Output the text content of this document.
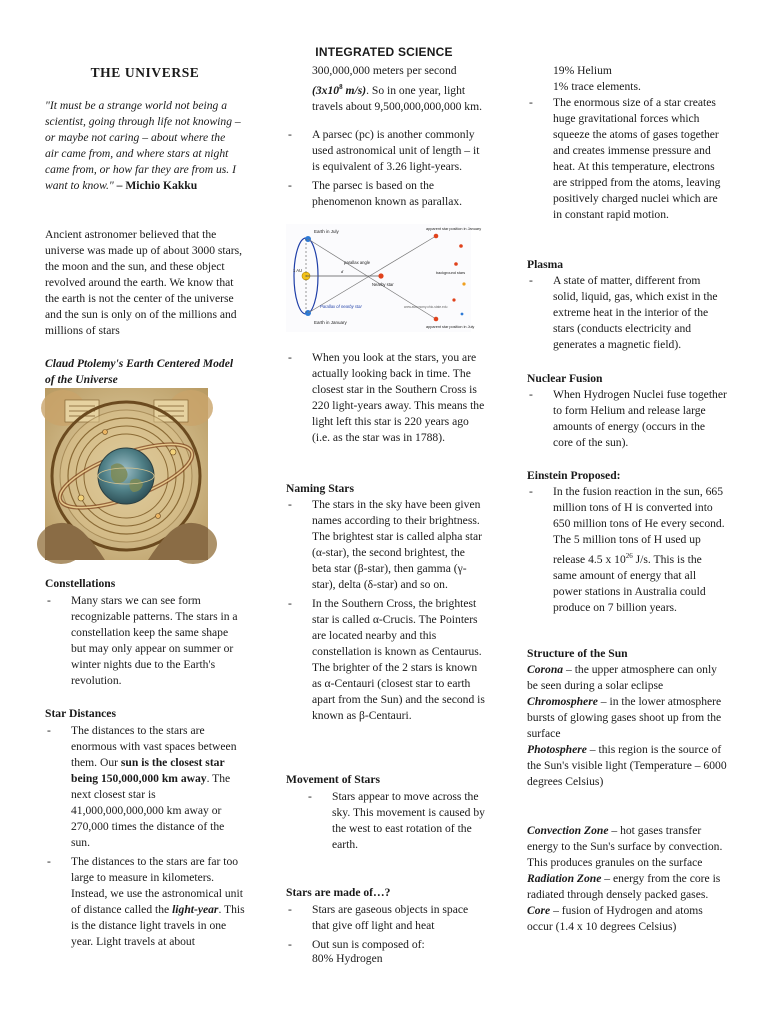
INTEGRATED SCIENCE
THE UNIVERSE
"It must be a strange world not being a scientist, going through life not knowing – or maybe not caring – about where the air came from, and where stars at night came from, or how far they are from us. I want to know." – Michio Kakku
Ancient astronomer believed that the universe was made up of about 3000 stars, the moon and the sun, and these object revolved around the earth. We know that the earth is not the center of the universe and the sun is only on of the millions and millions of stars
Claud Ptolemy's Earth Centered Model of the Universe
Constellations
- Many stars we can see form recognizable patterns. The stars in a constellation keep the same shape but may only appear on summer or winter nights due to the Earth's revolution.
Star Distances
- The distances to the stars are enormous with vast spaces between them. Our sun is the closest star being 150,000,000 km away. The next closest star is 41,000,000,000,000 km away or 270,000 times the distance of the sun.
- The distances to the stars are far too large to measure in kilometers. Instead, we use the astronomical unit of distance called the light-year. This is the distance light travels in one year. Light travels at about
300,000,000 meters per second ($3x10^8$ m/s). So in one year, light travels about 9,500,000,000,000 km.
- A parsec (pc) is another commonly used astronomical unit of length – it is equivalent of 3.26 light-years.
- The parsec is based on the phenomenon known as parallax.
Earth in July
Earth in January
1 AU	d
parallax angle
Nearby star
apparent star position in January
apparent star position in July
background stars
Parallax of nearby star	www.astronomy.ohio-state.edu
- When you look at the stars, you are actually looking back in time. The closest star in the Southern Cross is 220 light-years away. This means the light left this star is 220 years ago (i.e. as the star was in 1788).
Naming Stars
- The stars in the sky have been given names according to their brightness. The brightest star is called alpha star (α-star), the second brightest, the beta star (β-star), then gamma (γ-star), delta (δ-star) and so on.
- In the Southern Cross, the brightest star is called α-Crucis. The Pointers are located nearby and this constellation is known as Centaurus. The brighter of the 2 stars is known as α-Centauri (closest star to earth apart from the Sun) and the second is known as β-Centauri.
Movement of Stars
- Stars appear to move across the sky. This movement is caused by the west to east rotation of the earth.
Stars are made of…?
- Stars are gaseous objects in space that give off light and heat
- Out sun is composed of:
80% Hydrogen
19% Helium
1% trace elements.
- The enormous size of a star creates huge gravitational forces which squeeze the atoms of gases together and creates immense pressure and heat. At this temperature, electrons are stripped from the atoms, leaving positively charged nuclei which are in constant rapid motion.
Plasma
- A state of matter, different from solid, liquid, gas, which exist in the extreme heat in the interior of the stars (conducts electricity and generates a magnetic field).
Nuclear Fusion
- When Hydrogen Nuclei fuse together to form Helium and release large amounts of energy (occurs in the core of the sun).
Einstein Proposed:
- In the fusion reaction in the sun, 665 million tons of H is converted into 650 million tons of He every second. The 5 million tons of H used up release 4.5 x $10^{26}$ J/s. This is the same amount of energy that all power stations in Australia could produce on 7 billion years.
Structure of the Sun
Corona – the upper atmosphere can only be seen during a solar eclipse
Chromosphere – in the lower atmosphere bursts of glowing gases shoot up from the surface
Photosphere – this region is the source of the Sun's visible light (Temperature – 6000 degrees Celsius)
Convection Zone – hot gases transfer energy to the Sun's surface by convection. This produces granules on the surface
Radiation Zone – energy from the core is radiated through densely packed gases.
Core – fusion of Hydrogen and atoms occur (1.4 x 10 degrees Celsius)
